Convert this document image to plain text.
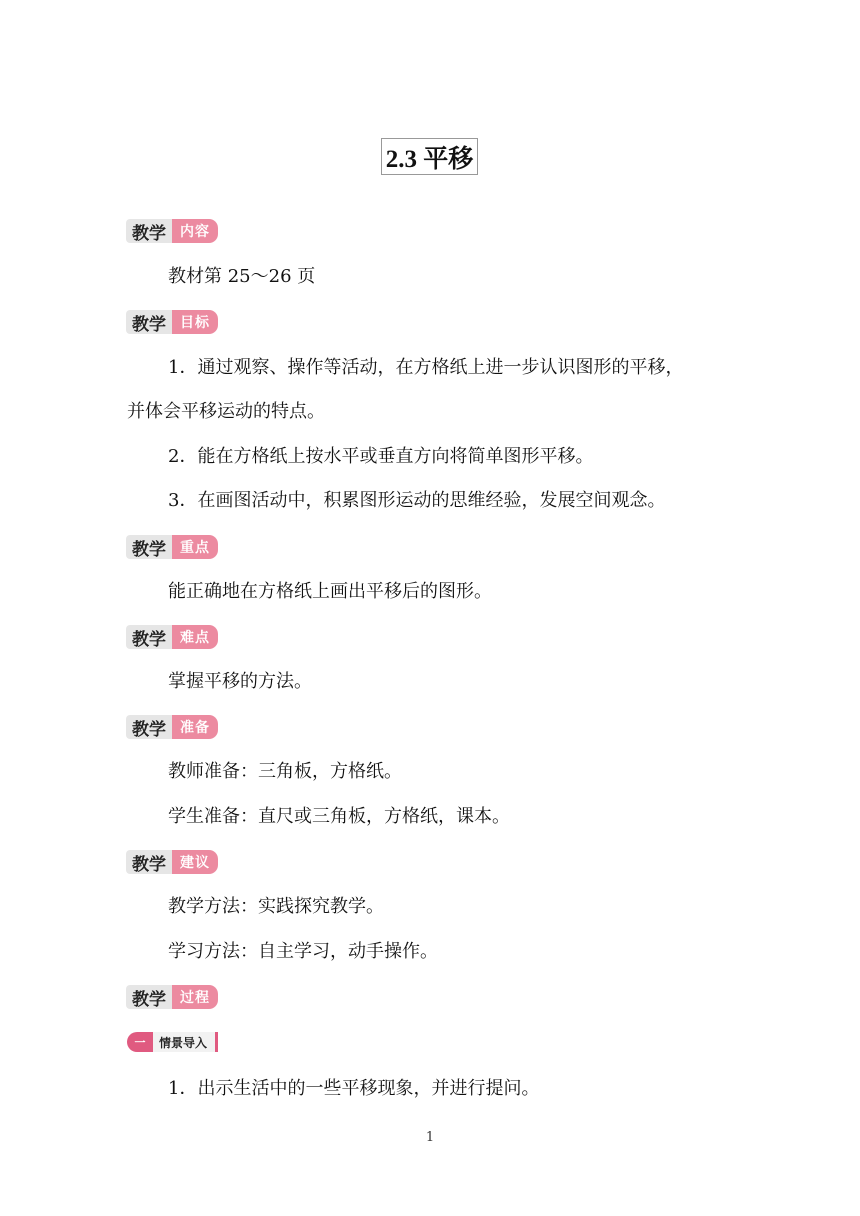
2.3 平移
教学	内容
教材第 25～26 页
教学	目标
1．通过观察、操作等活动，在方格纸上进一步认识图形的平移，
并体会平移运动的特点。
2．能在方格纸上按水平或垂直方向将简单图形平移。
3．在画图活动中，积累图形运动的思维经验，发展空间观念。
教学	重点
能正确地在方格纸上画出平移后的图形。
教学	难点
掌握平移的方法。
教学	准备
教师准备：三角板，方格纸。
学生准备：直尺或三角板，方格纸，课本。
教学	建议
教学方法：实践探究教学。
学习方法：自主学习，动手操作。
教学	过程
一	情景导入
1．出示生活中的一些平移现象，并进行提问。
1
